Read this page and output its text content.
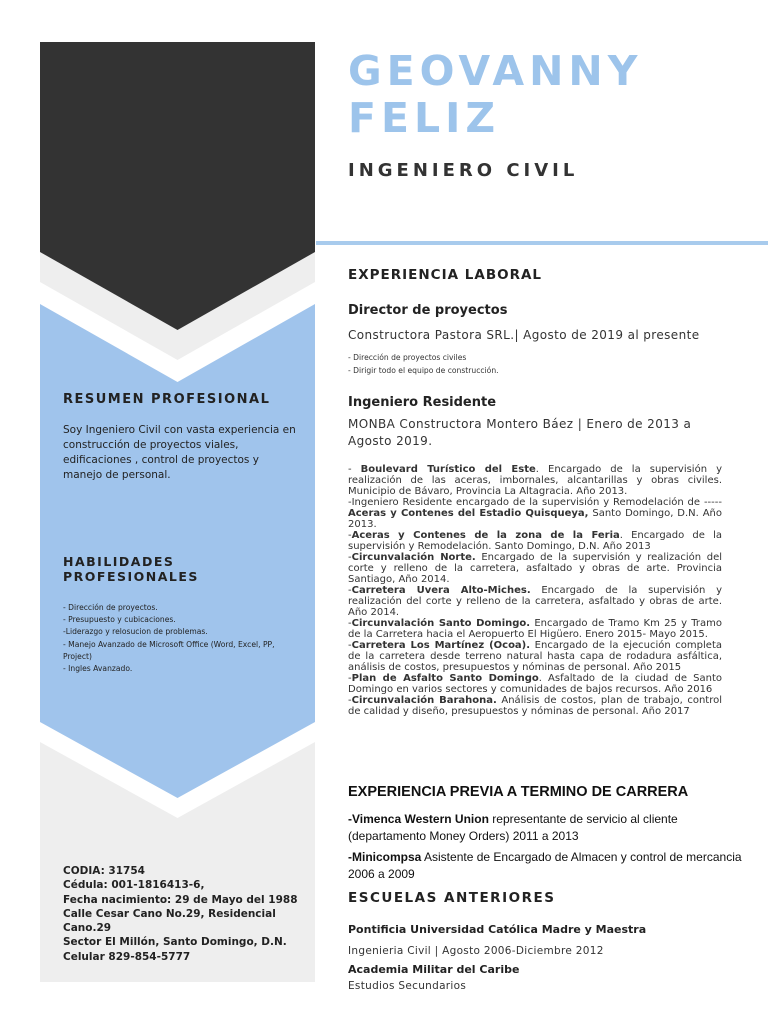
RESUMEN PROFESIONAL
Soy Ingeniero Civil con vasta experiencia en construcción de proyectos viales, edificaciones , control de proyectos y manejo de personal.
HABILIDADES PROFESIONALES
- Dirección de proyectos.
- Presupuesto y cubicaciones.
-Liderazgo y relosucion de problemas.
- Manejo Avanzado de Microsoft Office (Word, Excel, PP, Project)
- Ingles Avanzado.
CODIA: 31754
Cédula: 001-1816413-6,
Fecha nacimiento: 29 de Mayo del 1988
Calle Cesar Cano No.29, Residencial
Cano.29
Sector El Millón, Santo Domingo, D.N.
Celular 829-854-5777
GEOVANNY
FELIZ
INGENIERO CIVIL
EXPERIENCIA LABORAL
Director de proyectos

Constructora Pastora SRL.| Agosto de 2019 al presente

- Dirección de proyectos civiles
- Dirigir todo el equipo de construcción.
Ingeniero Residente

MONBA Constructora Montero Báez | Enero de 2013 a Agosto 2019.

- Boulevard Turístico del Este. Encargado de la supervisión y realización de las aceras, imbornales, alcantarillas y obras civiles. Municipio de Bávaro, Provincia La Altagracia. Año 2013.
-Ingeniero Residente encargado de la supervisión y Remodelación de -----Aceras y Contenes del Estadio Quisqueya, Santo Domingo, D.N. Año 2013.
-Aceras y Contenes de la zona de la Feria. Encargado de la supervisión y Remodelación. Santo Domingo, D.N. Año 2013
-Circunvalación Norte. Encargado de la supervisión y realización del corte y relleno de la carretera, asfaltado y obras de arte. Provincia Santiago, Año 2014.
-Carretera Uvera Alto-Miches. Encargado de la supervisión y realización del corte y relleno de la carretera, asfaltado y obras de arte. Año 2014.
-Circunvalación Santo Domingo. Encargado de Tramo Km 25 y Tramo de la Carretera hacia el Aeropuerto El Higüero. Enero 2015- Mayo 2015.
-Carretera Los Martínez (Ocoa). Encargado de la ejecución completa de la carretera desde terreno natural hasta capa de rodadura asfáltica, análisis de costos, presupuestos y nóminas de personal. Año 2015
-Plan de Asfalto Santo Domingo. Asfaltado de la ciudad de Santo Domingo en varios sectores y comunidades de bajos recursos. Año 2016
-Circunvalación Barahona. Análisis de costos, plan de trabajo, control de calidad y diseño, presupuestos y nóminas de personal. Año 2017
EXPERIENCIA PREVIA A TERMINO DE CARRERA

-Vimenca Western Union representante de servicio al cliente (departamento Money Orders) 2011 a 2013

-Minicompsa Asistente de Encargado de Almacen y control de mercancia 2006 a 2009

ESCUELAS ANTERIORES
Pontificia Universidad Católica Madre y Maestra

Ingenieria Civil | Agosto 2006-Diciembre 2012

Academia Militar del Caribe

Estudios Secundarios
